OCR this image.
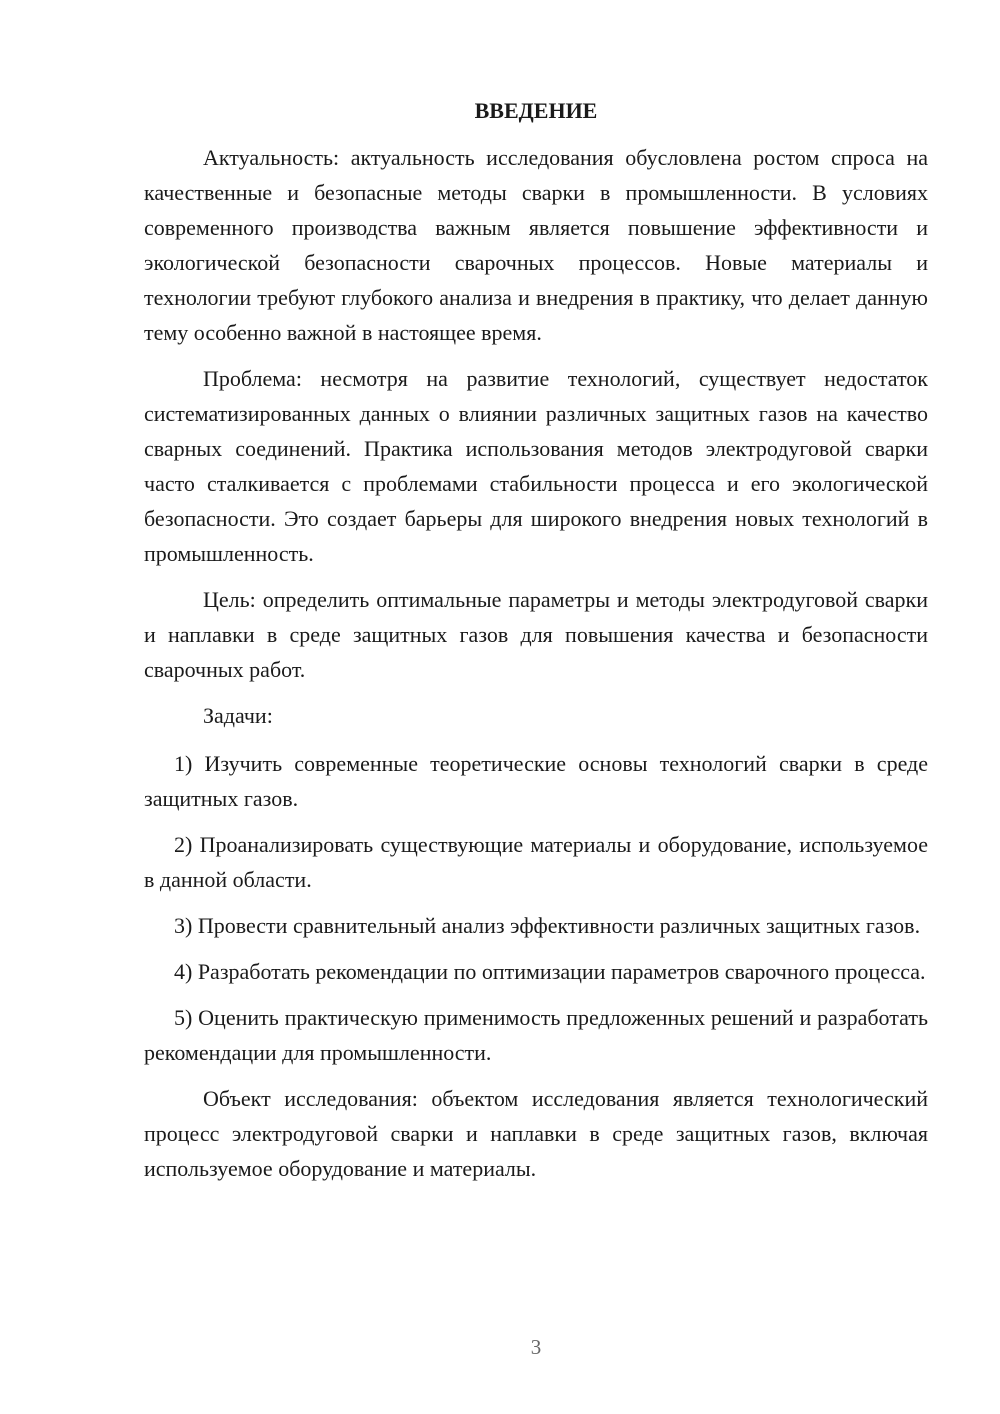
ВВЕДЕНИЕ

Актуальность: актуальность исследования обусловлена ростом спроса на качественные и безопасные методы сварки в промышленности. В условиях современного производства важным является повышение эффективности и экологической безопасности сварочных процессов. Новые материалы и технологии требуют глубокого анализа и внедрения в практику, что делает данную тему особенно важной в настоящее время.

Проблема: несмотря на развитие технологий, существует недостаток систематизированных данных о влиянии различных защитных газов на качество сварных соединений. Практика использования методов электродуговой сварки часто сталкивается с проблемами стабильности процесса и его экологической безопасности. Это создает барьеры для широкого внедрения новых технологий в промышленность.

Цель: определить оптимальные параметры и методы электродуговой сварки и наплавки в среде защитных газов для повышения качества и безопасности сварочных работ.

Задачи:

1) Изучить современные теоретические основы технологий сварки в среде защитных газов.

2) Проанализировать существующие материалы и оборудование, используемое в данной области.

3) Провести сравнительный анализ эффективности различных защитных газов.

4) Разработать рекомендации по оптимизации параметров сварочного процесса.

5) Оценить практическую применимость предложенных решений и разработать рекомендации для промышленности.

Объект исследования: объектом исследования является технологический процесс электродуговой сварки и наплавки в среде защитных газов, включая используемое оборудование и материалы.

3
